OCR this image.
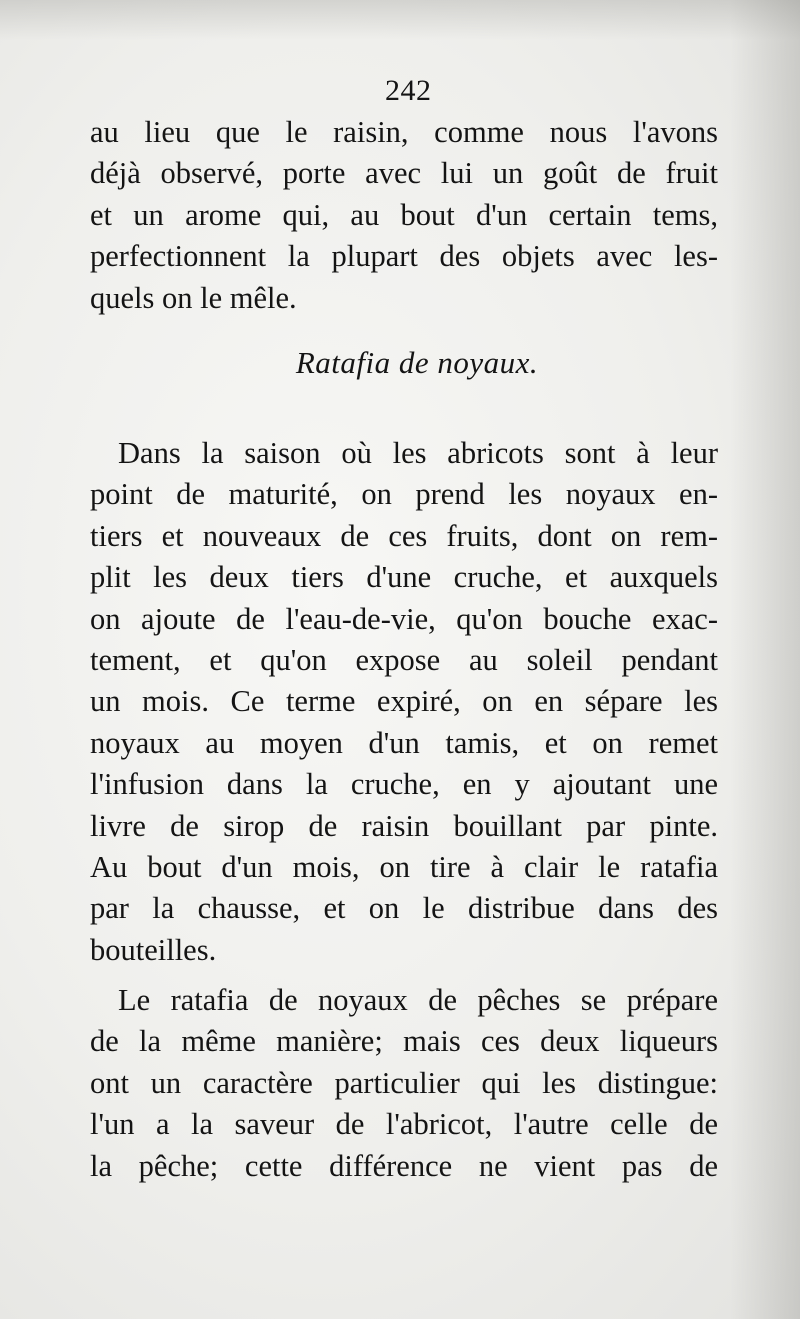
242
au lieu que le raisin, comme nous l'avons
déjà observé, porte avec lui un goût de fruit
et un arome qui, au bout d'un certain tems,
perfectionnent la plupart des objets avec les-
quels on le mêle.
Ratafia de noyaux.
Dans la saison où les abricots sont à leur
point de maturité, on prend les noyaux en-
tiers et nouveaux de ces fruits, dont on rem-
plit les deux tiers d'une cruche, et auxquels
on ajoute de l'eau-de-vie, qu'on bouche exac-
tement, et qu'on expose au soleil pendant
un mois. Ce terme expiré, on en sépare les
noyaux au moyen d'un tamis, et on remet
l'infusion dans la cruche, en y ajoutant une
livre de sirop de raisin bouillant par pinte.
Au bout d'un mois, on tire à clair le ratafia
par la chausse, et on le distribue dans des
bouteilles.
Le ratafia de noyaux de pêches se prépare
de la même manière; mais ces deux liqueurs
ont un caractère particulier qui les distingue:
l'un a la saveur de l'abricot, l'autre celle de
la pêche; cette différence ne vient pas de
